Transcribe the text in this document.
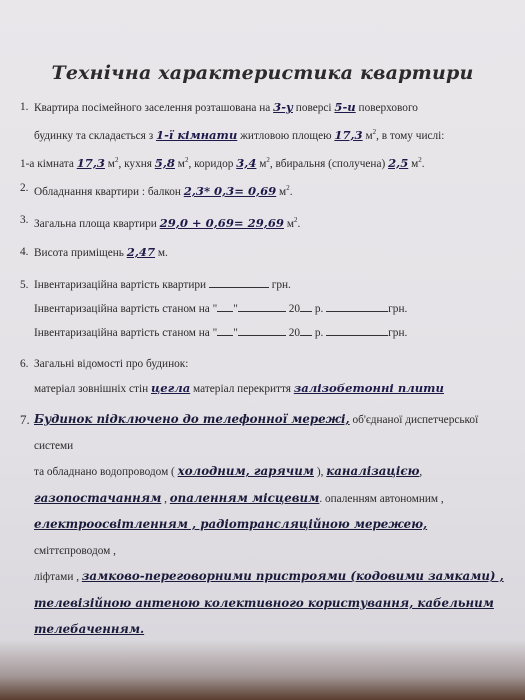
Технічна характеристика квартири
1. Квартира посімейного заселення розташована на 3-у поверсі 5-и поверхового
будинку та складається з 1-ї кімнати житловою площею 17,3 $м^2$, в тому числі:
1-а кімната 17,3 $м^2$, кухня 5,8 $м^2$, коридор 3,4 $м^2$, вбиральня (сполучена) 2,5 $м^2$.
2. Обладнання квартири : балкон 2,3* 0,3= 0,69 $м^2$.
3. Загальна площа квартири 29,0 + 0,69= 29,69 $м^2$.
4. Висота приміщень 2,47 м.
5. Інвентаризаційна вартість квартири	грн.
Інвентаризаційна вартість станом на " "	20 р.	грн.
Інвентаризаційна вартість станом на " "	20 р.	грн.
6. Загальні відомості про будинок:
матеріал зовнішніх стін цегла матеріал перекриття залізобетонні плити
7. Будинок підключено до телефонної мережі, об'єднаної диспетчерської системи
та обладнано водопроводом ( холодним, гарячим ), каналізацією,
газопостачанням , опаленням місцевим. опаленням автономним ,
електроосвітленням , радіотрансляційною мережею, сміттєпроводом ,
ліфтами , замково-переговорними пристроями (кодовими замками) ,
телевізійною антеною колективного користування, кабельним
телебаченням.
